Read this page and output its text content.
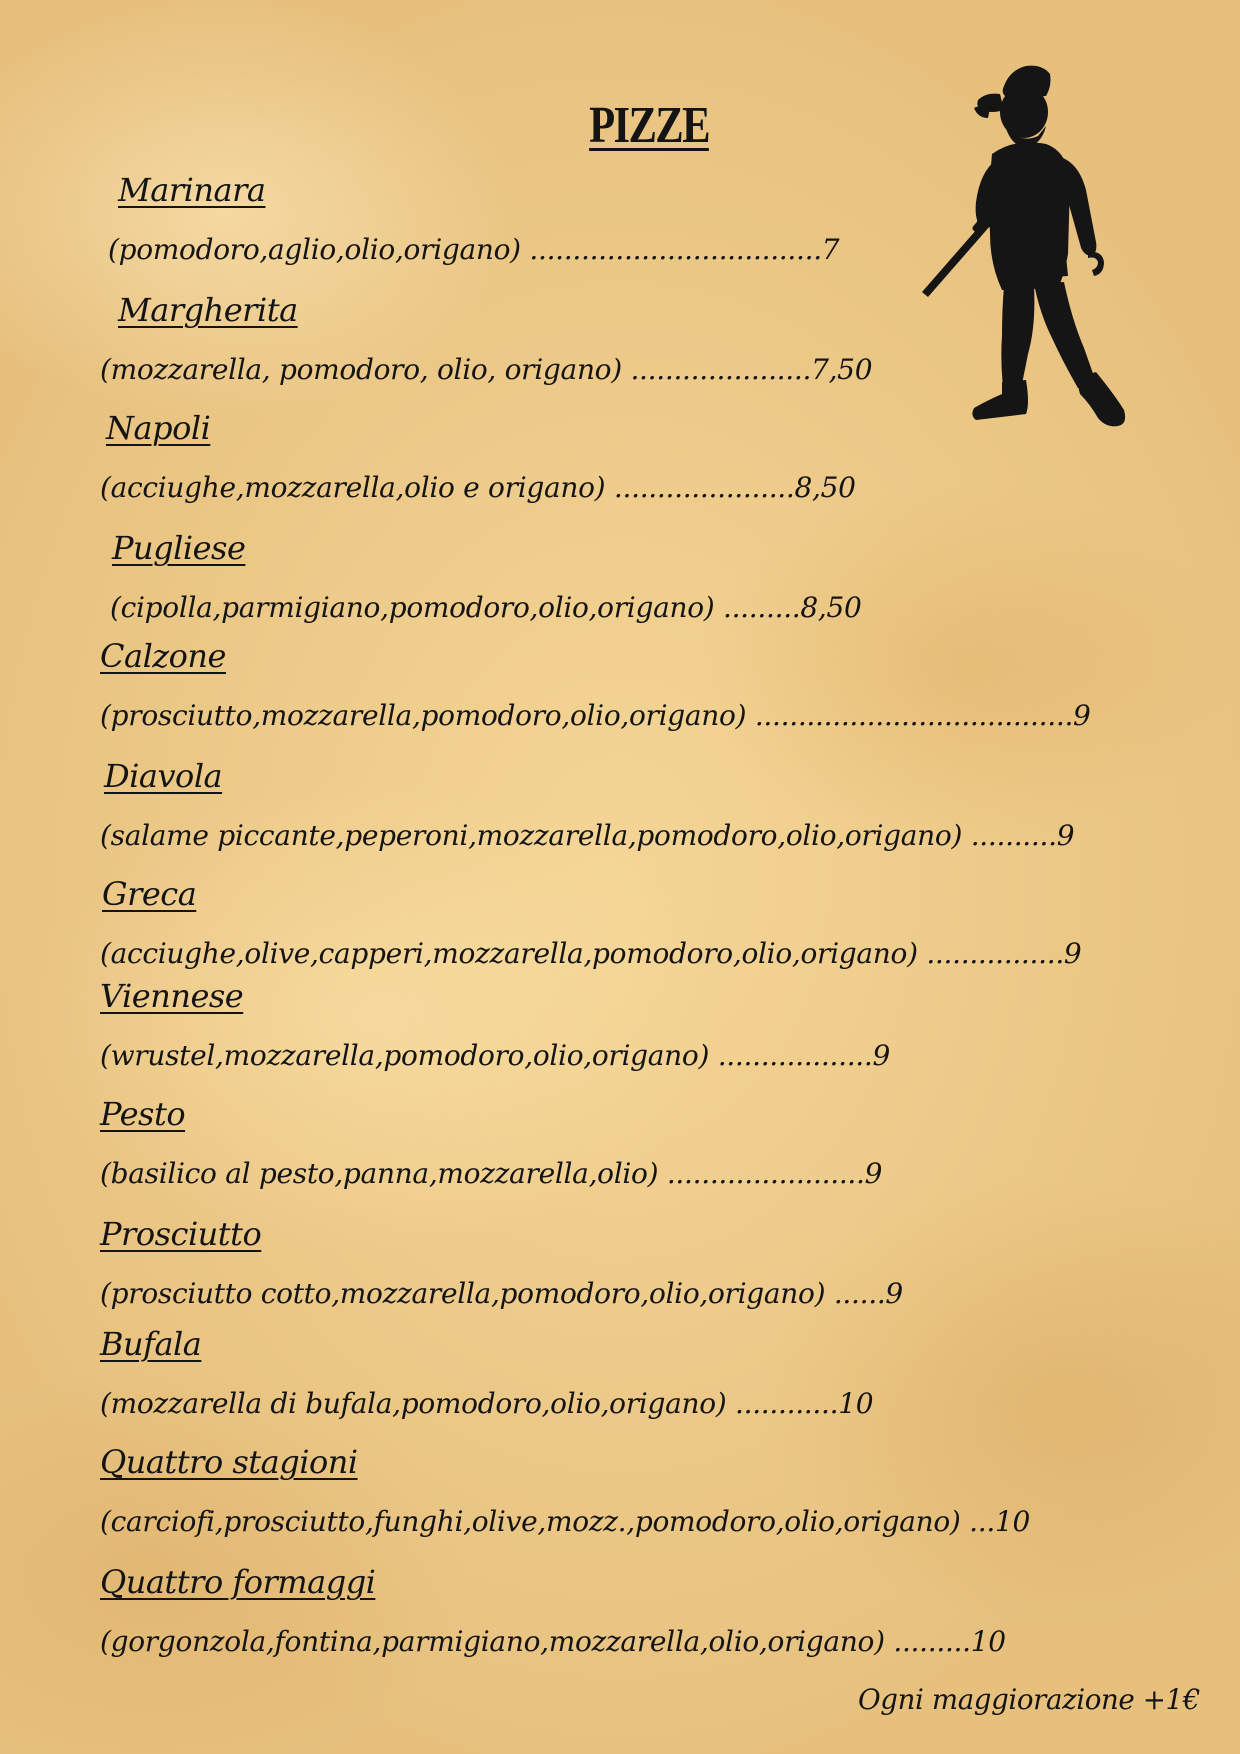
PIZZE
Marinara
(pomodoro,aglio,olio,origano) ..................................7
Margherita
(mozzarella, pomodoro, olio, origano) .....................7,50
Napoli
(acciughe,mozzarella,olio e origano) .....................8,50
Pugliese
(cipolla,parmigiano,pomodoro,olio,origano) .........8,50
Calzone
(prosciutto,mozzarella,pomodoro,olio,origano) .....................................9
Diavola
(salame piccante,peperoni,mozzarella,pomodoro,olio,origano) ..........9
Greca
(acciughe,olive,capperi,mozzarella,pomodoro,olio,origano) ................9
Viennese
(wrustel,mozzarella,pomodoro,olio,origano) ..................9
Pesto
(basilico al pesto,panna,mozzarella,olio) .......................9
Prosciutto
(prosciutto cotto,mozzarella,pomodoro,olio,origano) ......9
Bufala
(mozzarella di bufala,pomodoro,olio,origano) ............10
Quattro stagioni
(carciofi,prosciutto,funghi,olive,mozz.,pomodoro,olio,origano) ...10
Quattro formaggi
(gorgonzola,fontina,parmigiano,mozzarella,olio,origano) .........10
Ogni maggiorazione +1€
